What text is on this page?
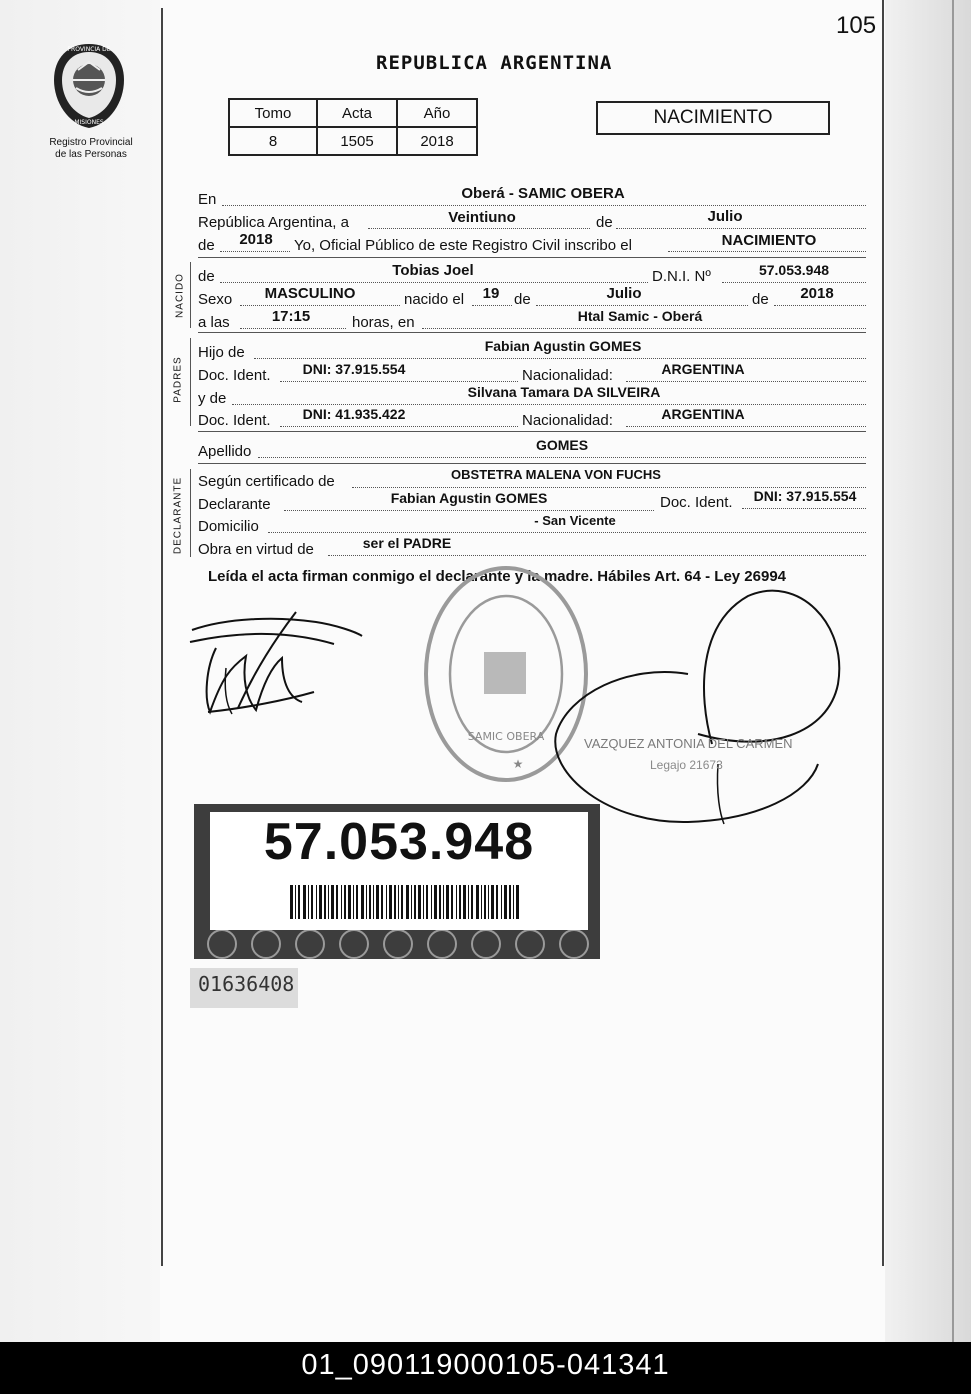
105
PROVINCIA DE
MISIONES
Registro Provincial
de las Personas
REPUBLICA ARGENTINA
Tomo	Acta	Año
8	1505	2018
NACIMIENTO
En	Oberá - SAMIC OBERA
República Argentina, a	Veintiuno	de	Julio
de	2018	Yo, Oficial Público de este Registro Civil inscribo el	NACIMIENTO
NACIDO de	Tobias Joel	D.N.I. Nº	57.053.948
Sexo	MASCULINO	nacido el	19 de	Julio	de	2018
a las	17:15	horas, en	Htal Samic - Oberá
PADRES
Hijo de	Fabian Agustin GOMES
Doc. Ident.	DNI: 37.915.554	Nacionalidad:	ARGENTINA
y de	Silvana Tamara DA SILVEIRA
Doc. Ident.	DNI: 41.935.422	Nacionalidad:	ARGENTINA
Apellido	GOMES
DECLARANTE Según certificado de	OBSTETRA MALENA VON FUCHS
Declarante	Fabian Agustin GOMES	Doc. Ident.	DNI: 37.915.554
Domicilio	- San Vicente
Obra en virtud de	ser el PADRE
Leída el acta firman conmigo el declarante y la madre. Hábiles Art. 64 - Ley 26994
SAMIC OBERA
★
VAZQUEZ ANTONIA DEL CARMEN
Legajo 21673
57.053.948
01636408
01_090119000105-041341
